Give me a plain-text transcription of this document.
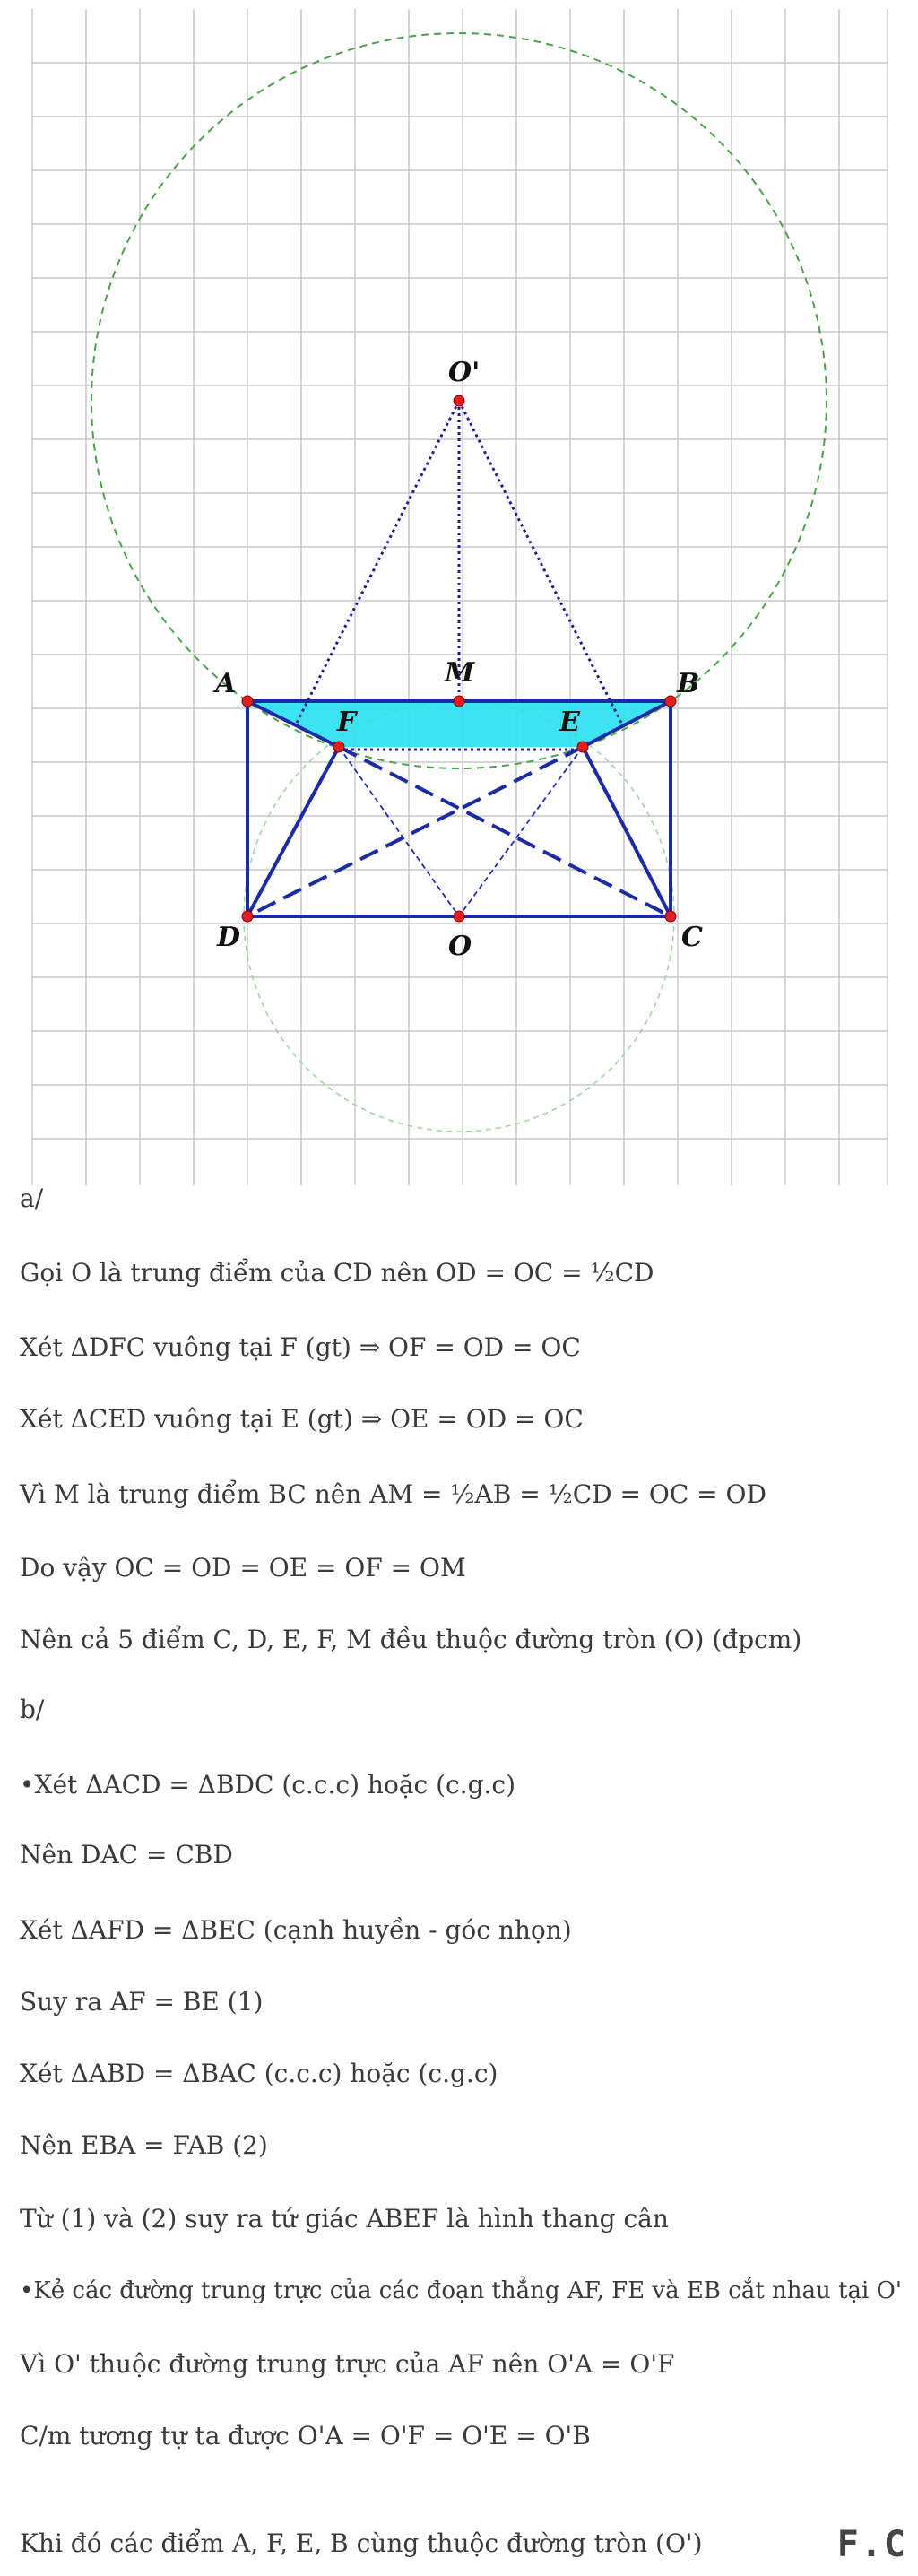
O'
A	M	B
F	E
D	O	C
a/
Gọi O là trung điểm của CD nên OD = OC = ½CD
Xét ΔDFC vuông tại F (gt) ⇒ OF = OD = OC
Xét ΔCED vuông tại E (gt) ⇒ OE = OD = OC
Vì M là trung điểm BC nên AM = ½AB = ½CD = OC = OD
Do vậy OC = OD = OE = OF = OM
Nên cả 5 điểm C, D, E, F, M đều thuộc đường tròn (O) (đpcm)
b/
•Xét ΔACD = ΔBDC (c.c.c) hoặc (c.g.c)
Nên DAC = CBD
Xét ΔAFD = ΔBEC (cạnh huyền - góc nhọn)
Suy ra AF = BE (1)
Xét ΔABD = ΔBAC (c.c.c) hoặc (c.g.c)
Nên EBA = FAB (2)
Từ (1) và (2) suy ra tứ giác ABEF là hình thang cân
•Kẻ các đường trung trực của các đoạn thẳng AF, FE và EB cắt nhau tại O'
Vì O' thuộc đường trung trực của AF nên O'A = O'F
C/m tương tự ta được O'A = O'F = O'E = O'B
Khi đó các điểm A, F, E, B cùng thuộc đường tròn (O')	F.C
